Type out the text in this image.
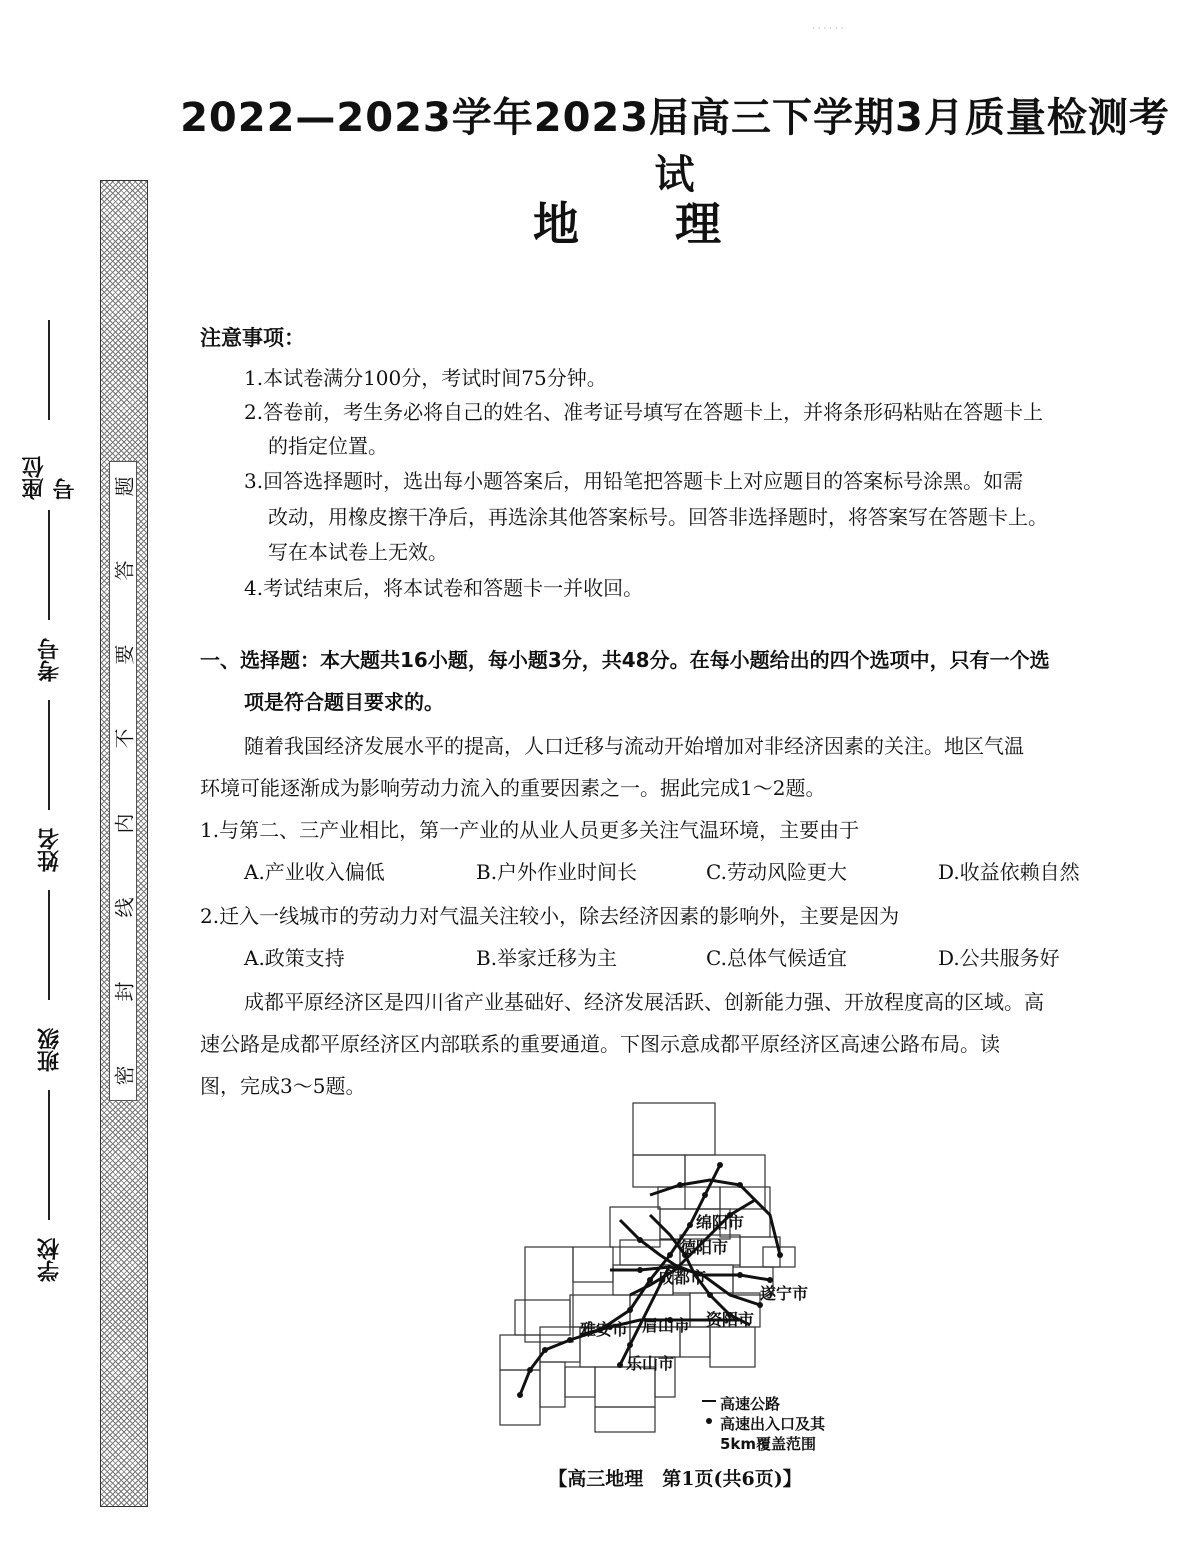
· · · · · ·
座位号
考号
姓名
班级
学校
题
答
要
不
内
线
封
密
2022—2023学年2023届高三下学期3月质量检测考试
地理
注意事项：
1.本试卷满分100分，考试时间75分钟。
2.答卷前，考生务必将自己的姓名、准考证号填写在答题卡上，并将条形码粘贴在答题卡上
的指定位置。
3.回答选择题时，选出每小题答案后，用铅笔把答题卡上对应题目的答案标号涂黑。如需
改动，用橡皮擦干净后，再选涂其他答案标号。回答非选择题时，将答案写在答题卡上。
写在本试卷上无效。
4.考试结束后，将本试卷和答题卡一并收回。
一、选择题：本大题共16小题，每小题3分，共48分。在每小题给出的四个选项中，只有一个选
项是符合题目要求的。
随着我国经济发展水平的提高，人口迁移与流动开始增加对非经济因素的关注。地区气温
环境可能逐渐成为影响劳动力流入的重要因素之一。据此完成1～2题。
1.与第二、三产业相比，第一产业的从业人员更多关注气温环境，主要由于
A.产业收入偏低	B.户外作业时间长	C.劳动风险更大	D.收益依赖自然
2.迁入一线城市的劳动力对气温关注较小，除去经济因素的影响外，主要是因为
A.政策支持	B.举家迁移为主	C.总体气候适宜	D.公共服务好
成都平原经济区是四川省产业基础好、经济发展活跃、创新能力强、开放程度高的区域。高
速公路是成都平原经济区内部联系的重要通道。下图示意成都平原经济区高速公路布局。读
图，完成3～5题。
绵阳市
德阳市
成都市
遂宁市
雅安市 眉山市 资阳市
乐山市
高速公路
高速出入口及其
5km覆盖范围
【高三地理　第1页(共6页)】
